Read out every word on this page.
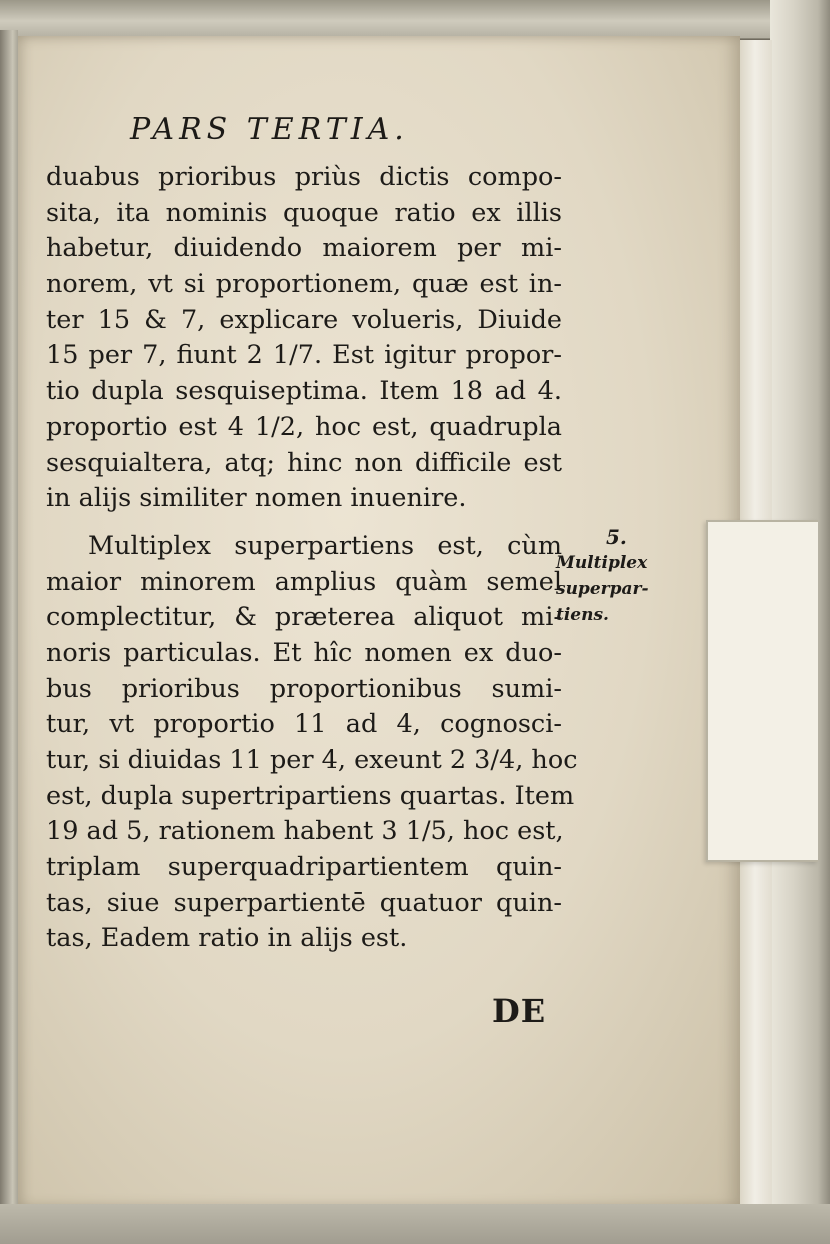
PARS TERTIA.
duabus prioribus priùs dictis compo-
sita, ita nominis quoque ratio ex illis
habetur, diuidendo maiorem per mi-
norem, vt si proportionem, quæ est in-
ter 15 & 7, explicare volueris, Diuide
15 per 7, fiunt 2 1/7. Est igitur propor-
tio dupla sesquiseptima. Item 18 ad 4.
proportio est 4 1/2, hoc est, quadrupla
sesquialtera, atq; hinc non difficile est
in alijs similiter nomen inuenire.
Multiplex superpartiens est, cùm
maior minorem amplius quàm semel
complectitur, & præterea aliquot mi-
noris particulas. Et hîc nomen ex duo-
bus prioribus proportionibus sumi-
tur, vt proportio 11 ad 4, cognosci-
tur, si diuidas 11 per 4, exeunt 2 3/4, hoc
est, dupla supertripartiens quartas. Item
19 ad 5, rationem habent 3 1/5, hoc est,
triplam superquadripartientem quin-
tas, siue superpartientē quatuor quin-
tas, Eadem ratio in alijs est.
5.
Multiplex
superpar-
tiens.
DE
